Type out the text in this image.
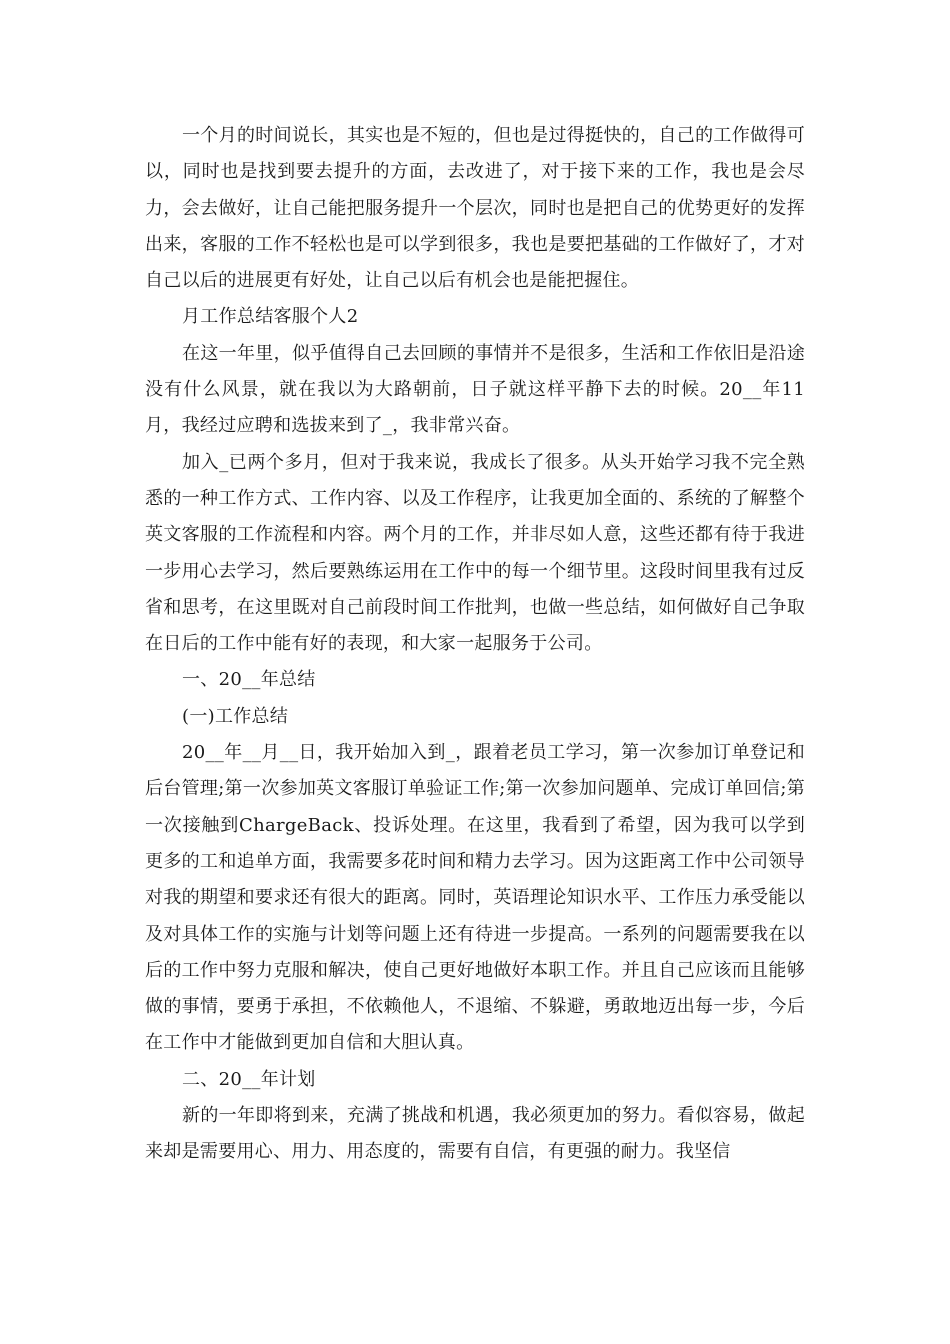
一个月的时间说长，其实也是不短的，但也是过得挺快的，自己的工作做得可以，同时也是找到要去提升的方面，去改进了，对于接下来的工作，我也是会尽力，会去做好，让自己能把服务提升一个层次，同时也是把自己的优势更好的发挥出来，客服的工作不轻松也是可以学到很多，我也是要把基础的工作做好了，才对自己以后的进展更有好处，让自己以后有机会也是能把握住。

月工作总结客服个人2

在这一年里，似乎值得自己去回顾的事情并不是很多，生活和工作依旧是沿途没有什么风景，就在我以为大路朝前，日子就这样平静下去的时候。20__年11月，我经过应聘和选拔来到了_，我非常兴奋。

加入_已两个多月，但对于我来说，我成长了很多。从头开始学习我不完全熟悉的一种工作方式、工作内容、以及工作程序，让我更加全面的、系统的了解整个英文客服的工作流程和内容。两个月的工作，并非尽如人意，这些还都有待于我进一步用心去学习，然后要熟练运用在工作中的每一个细节里。这段时间里我有过反省和思考，在这里既对自己前段时间工作批判，也做一些总结，如何做好自己争取在日后的工作中能有好的表现，和大家一起服务于公司。

一、20__年总结

(一)工作总结

20__年__月__日，我开始加入到_，跟着老员工学习，第一次参加订单登记和后台管理;第一次参加英文客服订单验证工作;第一次参加问题单、完成订单回信;第一次接触到ChargeBack、投诉处理。在这里，我看到了希望，因为我可以学到更多的工和追单方面，我需要多花时间和精力去学习。因为这距离工作中公司领导对我的期望和要求还有很大的距离。同时，英语理论知识水平、工作压力承受能以及对具体工作的实施与计划等问题上还有待进一步提高。一系列的问题需要我在以后的工作中努力克服和解决，使自己更好地做好本职工作。并且自己应该而且能够做的事情，要勇于承担，不依赖他人，不退缩、不躲避，勇敢地迈出每一步，今后在工作中才能做到更加自信和大胆认真。

二、20__年计划

新的一年即将到来，充满了挑战和机遇，我必须更加的努力。看似容易，做起来却是需要用心、用力、用态度的，需要有自信，有更强的耐力。我坚信
